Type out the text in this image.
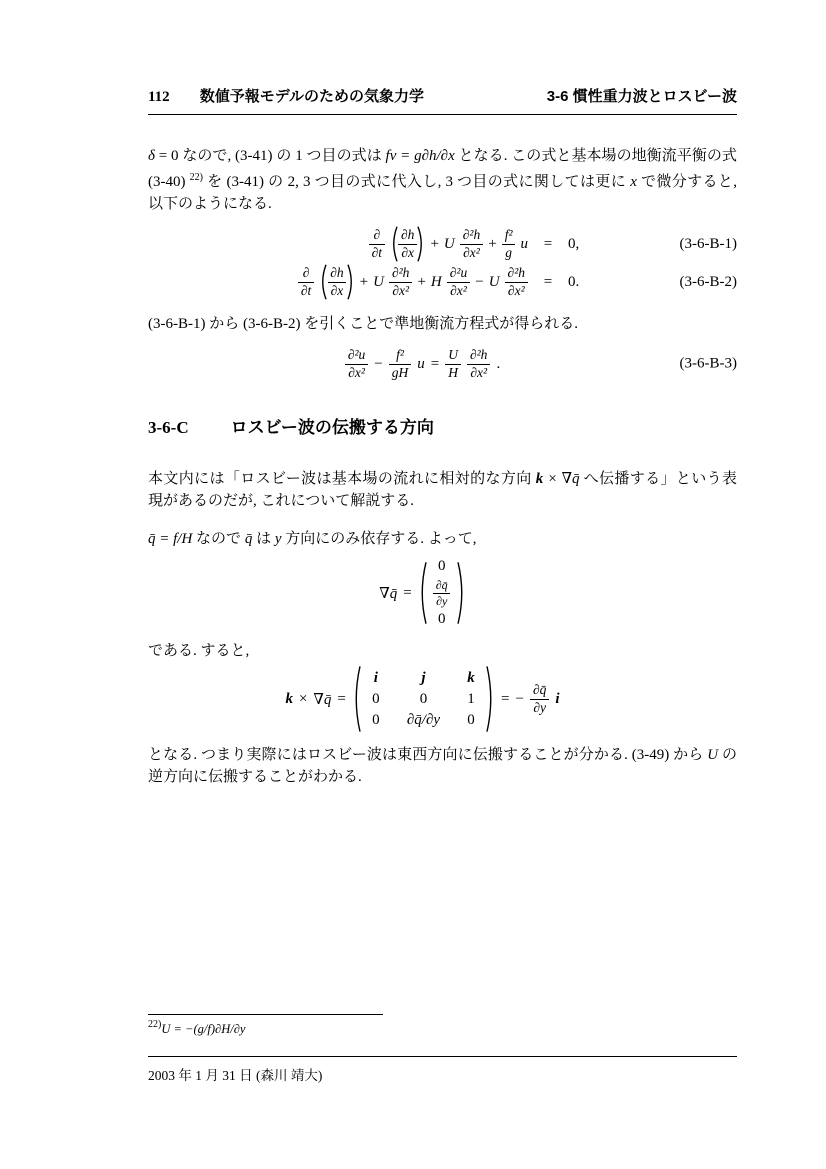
112 数値予報モデルのための気象力学	3-6 慣性重力波とロスビー波

δ = 0 なので, (3-41) の 1 つ目の式は fv = g∂h/∂x となる. この式と基本場の地衡流平衡の式 (3-40) $^{22)}$ を (3-41) の 2, 3 つ目の式に代入し, 3 つ目の式に関しては更に x で微分すると, 以下のようになる.

$\frac{\partial}{\partial t} \frac{\partial h}{\partial x} + U \frac{\text{∂²h}}{\text{∂x²}} + \frac{\text{f²}}{g}$ u	=	0,	(3-6-B-1)
$\frac{\partial}{\partial t} \frac{\partial h}{\partial x} + U \frac{\text{∂²h}}{\text{∂x²}} + H \frac{\text{∂²u}}{\text{∂x²}} - U \frac{\text{∂²h}}{\text{∂x²}}$	=	0.	(3-6-B-2)

(3-6-B-1) から (3-6-B-2) を引くことで準地衡流方程式が得られる.

$\frac{\text{∂²u}}{\text{∂x²}} - \frac{\text{f²}}{gH}$ $u = \frac{U}{H} \frac{\text{∂²h}}{\text{∂x²}}$ .	(3-6-B-3)
3-6-C ロスビー波の伝搬する方向

本文内には「ロスビー波は基本場の流れに相対的な方向 k × ∇q̄ へ伝播する」という表現があるのだが, これについて解説する.

q̄ = f/H なので q̄ は y 方向にのみ依存する. よって,

∇q̄ =
0
$\frac{\partial q̄}{\partial y}$
0

である. すると,

k × ∇q̄ =
i	j	k
0	0	1
0 ∂q̄/∂y 0
= − $\frac{\partial q̄}{\partial y}$ i

となる. つまり実際にはロスビー波は東西方向に伝搬することが分かる. (3-49) から U の逆方向に伝搬することがわかる.

$^{22)}$U = −(g/f)∂H/∂y
2003 年 1 月 31 日 (森川 靖大)
